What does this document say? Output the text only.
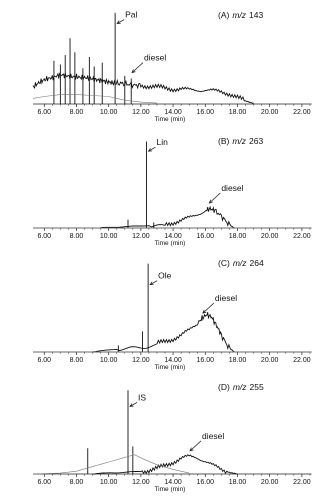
6.00	8.00 10.00 12.00 14.00 16.00 18.00 20.00 22.00
Time (min)
(A) m/z 143
Pal
diesel
6.00	8.00 10.00 12.00 14.00 16.00 18.00 20.00 22.00
Time (min)
(B) m/z 263
Lin
diesel
6.00	8.00 10.00 12.00 14.00 16.00 18.00 20.00 22.00
Time (min)
(C) m/z 264
Ole
diesel
6.00	8.00 10.00 12.00 14.00 16.00 18.00 20.00 22.00
Time (min)
(D) m/z 255
IS
diesel
